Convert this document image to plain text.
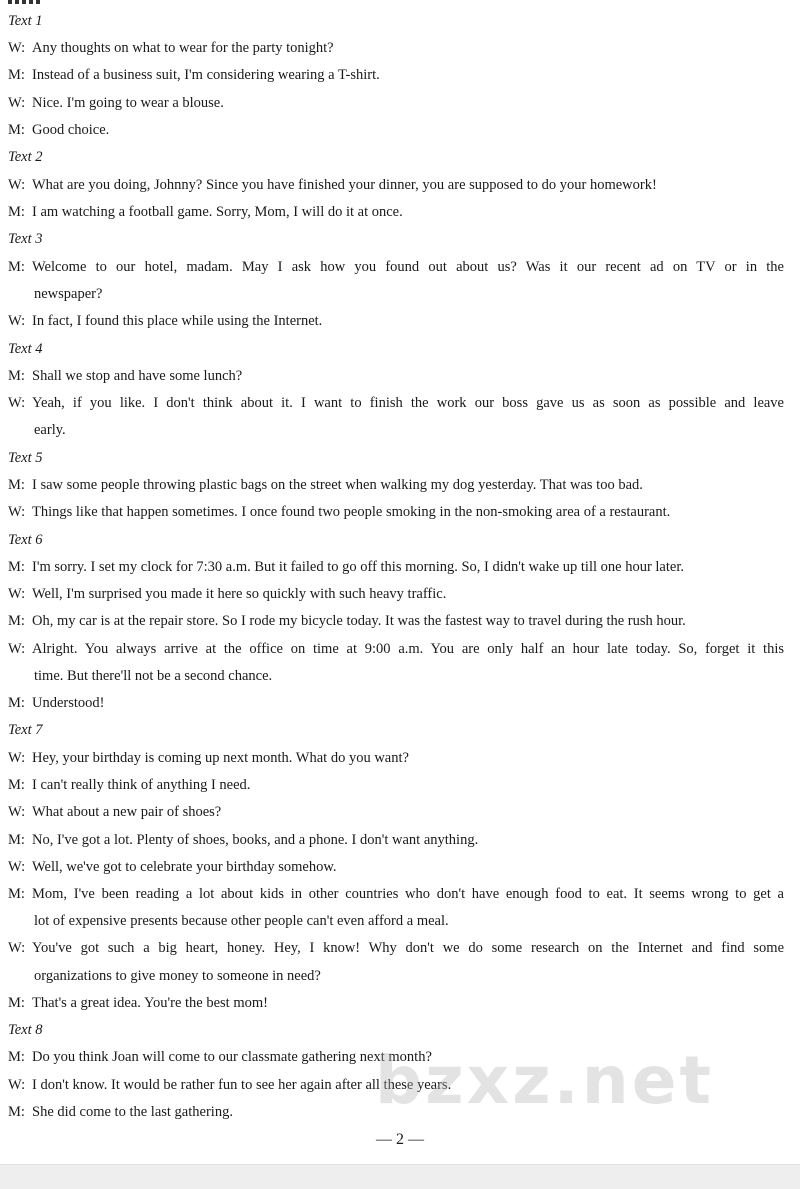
Text 1
W: Any thoughts on what to wear for the party tonight?
M: Instead of a business suit, I'm considering wearing a T-shirt.
W: Nice. I'm going to wear a blouse.
M: Good choice.
Text 2
W: What are you doing, Johnny? Since you have finished your dinner, you are supposed to do your homework!
M: I am watching a football game. Sorry, Mom, I will do it at once.
Text 3
M: Welcome to our hotel, madam. May I ask how you found out about us? Was it our recent ad on TV or in the
newspaper?
W: In fact, I found this place while using the Internet.
Text 4
M: Shall we stop and have some lunch?
W: Yeah, if you like. I don't think about it. I want to finish the work our boss gave us as soon as possible and leave
early.
Text 5
M: I saw some people throwing plastic bags on the street when walking my dog yesterday. That was too bad.
W: Things like that happen sometimes. I once found two people smoking in the non-smoking area of a restaurant.
Text 6
M: I'm sorry. I set my clock for 7:30 a.m. But it failed to go off this morning. So, I didn't wake up till one hour later.
W: Well, I'm surprised you made it here so quickly with such heavy traffic.
M: Oh, my car is at the repair store. So I rode my bicycle today. It was the fastest way to travel during the rush hour.
W: Alright. You always arrive at the office on time at 9:00 a.m. You are only half an hour late today. So, forget it this
time. But there'll not be a second chance.
M: Understood!
Text 7
W: Hey, your birthday is coming up next month. What do you want?
M: I can't really think of anything I need.
W: What about a new pair of shoes?
M: No, I've got a lot. Plenty of shoes, books, and a phone. I don't want anything.
W: Well, we've got to celebrate your birthday somehow.
M: Mom, I've been reading a lot about kids in other countries who don't have enough food to eat. It seems wrong to get a
lot of expensive presents because other people can't even afford a meal.
W: You've got such a big heart, honey. Hey, I know! Why don't we do some research on the Internet and find some
organizations to give money to someone in need?
M: That's a great idea. You're the best mom!
Text 8
M: Do you think Joan will come to our classmate gathering next month?
W: I don't know. It would be rather fun to see her again after all these years.
M: She did come to the last gathering.	bzxz.net
— 2 —
